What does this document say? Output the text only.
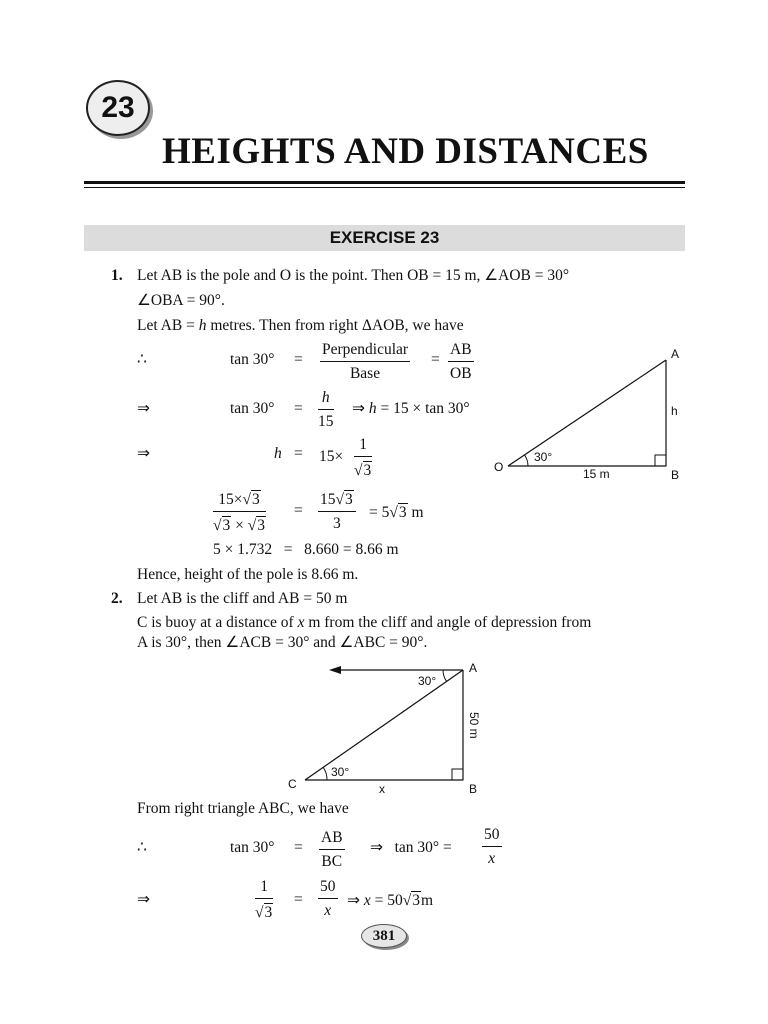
23
HEIGHTS AND DISTANCES
EXERCISE 23
1. Let AB is the pole and O is the point. Then OB = 15 m, ∠AOB = 30°
∠OBA = 90°.
Let AB = h metres. Then from right ΔAOB, we have
∴	tan 30° =
Perpendicular
Base
=
AB
OB
⇒	tan 30° =
h
15
⇒ h = 15 × tan 30°
⇒	h = 15×
1
√3
15×√3
√3 × √3
=
15√3
3
= 5√3 m
5 × 1.732   =   8.660 = 8.66 m
Hence, height of the pole is 8.66 m.
A
B
O
h
15 m
30°
2. Let AB is the cliff and AB = 50 m
C is buoy at a distance of x m from the cliff and angle of depression from
A is 30°, then ∠ACB = 30° and ∠ABC = 90°.
A
B
C	x
30°
30°
50 m
From right triangle ABC, we have
∴	tan 30° =
AB
BC
⇒   tan 30° =
50
x
⇒
1
√3
=
50
x
⇒ x = 50√3m
381
